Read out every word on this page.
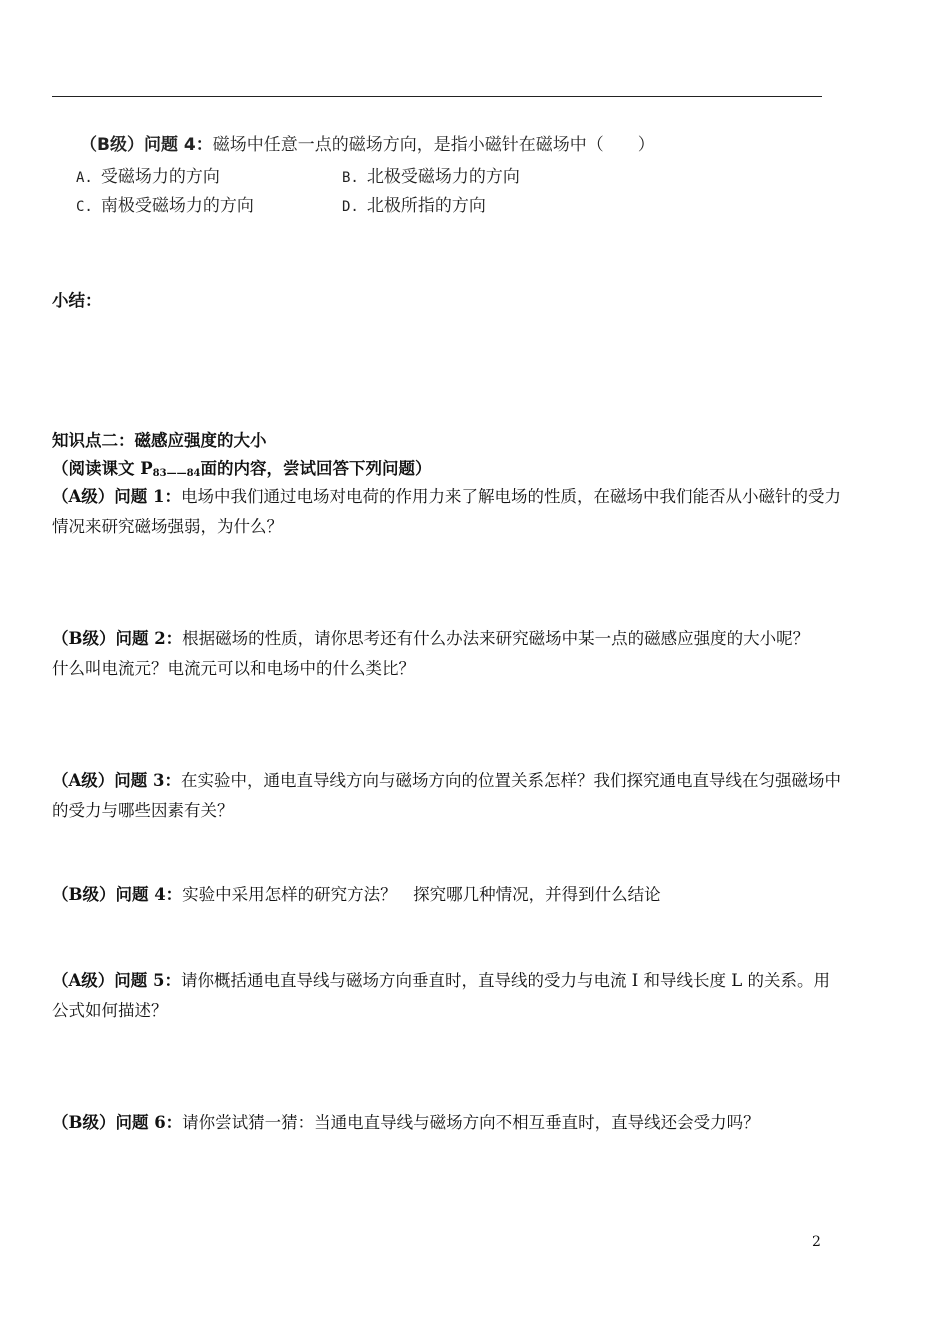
（B级）问题 4：磁场中任意一点的磁场方向，是指小磁针在磁场中（　　）
A. 受磁场力的方向	B. 北极受磁场力的方向
C. 南极受磁场力的方向	D. 北极所指的方向
小结：
知识点二：磁感应强度的大小
（阅读课文 $P_{83——84}$面的内容，尝试回答下列问题）
（A级）问题 1：电场中我们通过电场对电荷的作用力来了解电场的性质，在磁场中我们能否从小磁针的受力情况来研究磁场强弱，为什么？
（B级）问题 2：根据磁场的性质，请你思考还有什么办法来研究磁场中某一点的磁感应强度的大小呢？　什么叫电流元？电流元可以和电场中的什么类比？
（A级）问题 3：在实验中，通电直导线方向与磁场方向的位置关系怎样？我们探究通电直导线在匀强磁场中的受力与哪些因素有关？
（B级）问题 4：实验中采用怎样的研究方法？　探究哪几种情况，并得到什么结论
（A级）问题 5：请你概括通电直导线与磁场方向垂直时，直导线的受力与电流 I 和导线长度 L 的关系。用公式如何描述？
（B级）问题 6：请你尝试猜一猜：当通电直导线与磁场方向不相互垂直时，直导线还会受力吗？
2
